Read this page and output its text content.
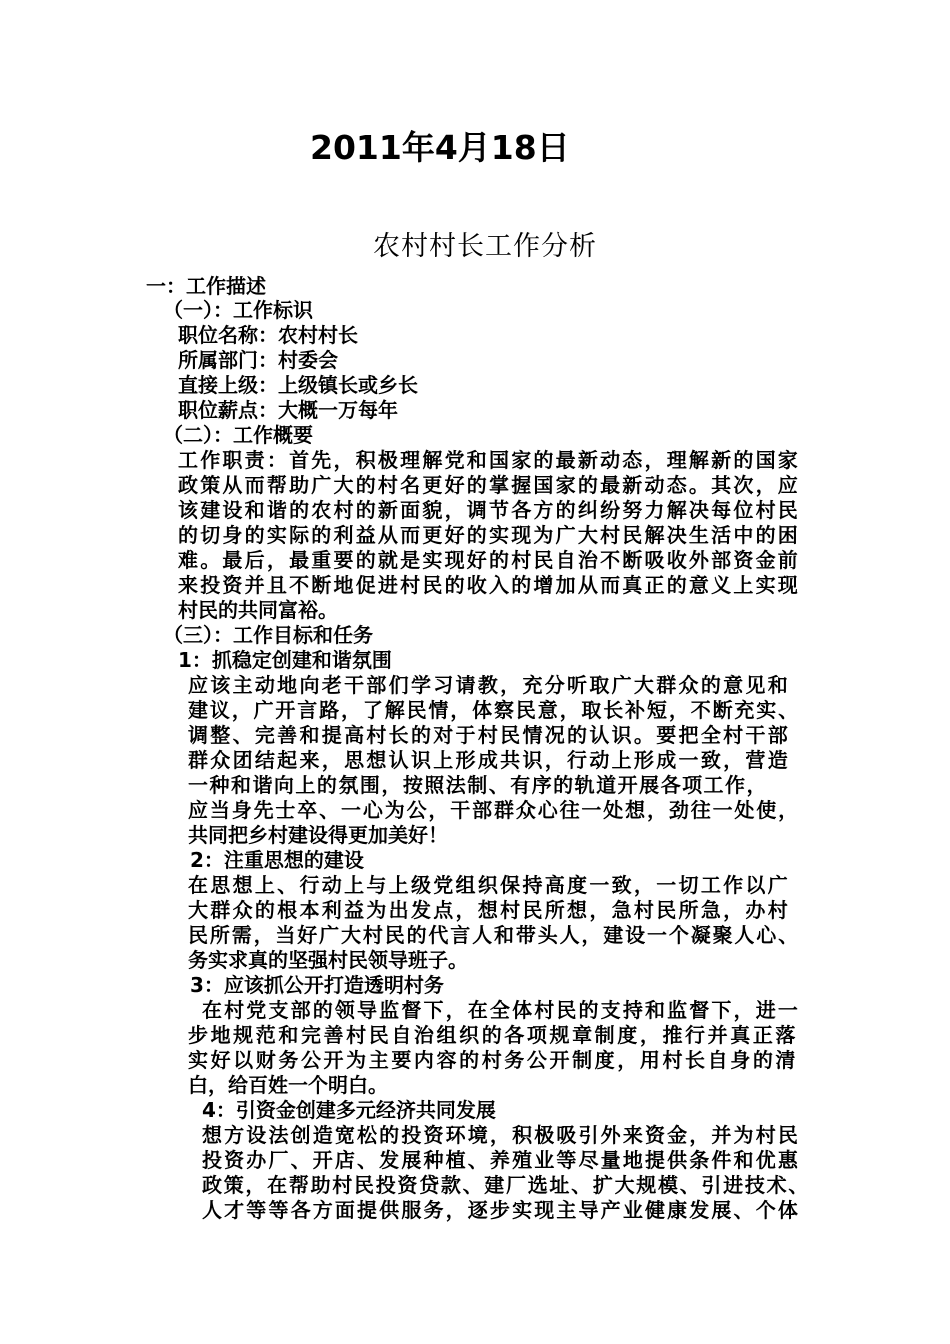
2011年4月18日
农村村长工作分析
一：工作描述
（一）：工作标识
职位名称：农村村长
所属部门：村委会
直接上级：上级镇长或乡长
职位薪点：大概一万每年
（二）：工作概要
工作职责：首先，积极理解党和国家的最新动态，理解新的国家
政策从而帮助广大的村名更好的掌握国家的最新动态。其次，应
该建设和谐的农村的新面貌，调节各方的纠纷努力解决每位村民
的切身的实际的利益从而更好的实现为广大村民解决生活中的困
难。最后，最重要的就是实现好的村民自治不断吸收外部资金前
来投资并且不断地促进村民的收入的增加从而真正的意义上实现
村民的共同富裕。
（三）：工作目标和任务
1：抓稳定创建和谐氛围
应该主动地向老干部们学习请教，充分听取广大群众的意见和
建议，广开言路，了解民情，体察民意，取长补短，不断充实、
调整、完善和提高村长的对于村民情况的认识。要把全村干部
群众团结起来，思想认识上形成共识，行动上形成一致，营造
一种和谐向上的氛围，按照法制、有序的轨道开展各项工作，
应当身先士卒、一心为公，干部群众心往一处想，劲往一处使，
共同把乡村建设得更加美好！
2：注重思想的建设
在思想上、行动上与上级党组织保持高度一致，一切工作以广
大群众的根本利益为出发点，想村民所想，急村民所急，办村
民所需，当好广大村民的代言人和带头人，建设一个凝聚人心、
务实求真的坚强村民领导班子。
3：应该抓公开打造透明村务
在村党支部的领导监督下，在全体村民的支持和监督下，进一
步地规范和完善村民自治组织的各项规章制度，推行并真正落
实好以财务公开为主要内容的村务公开制度，用村长自身的清
白，给百姓一个明白。
4：引资金创建多元经济共同发展
想方设法创造宽松的投资环境，积极吸引外来资金，并为村民
投资办厂、开店、发展种植、养殖业等尽量地提供条件和优惠
政策，在帮助村民投资贷款、建厂选址、扩大规模、引进技术、
人才等等各方面提供服务，逐步实现主导产业健康发展、个体
